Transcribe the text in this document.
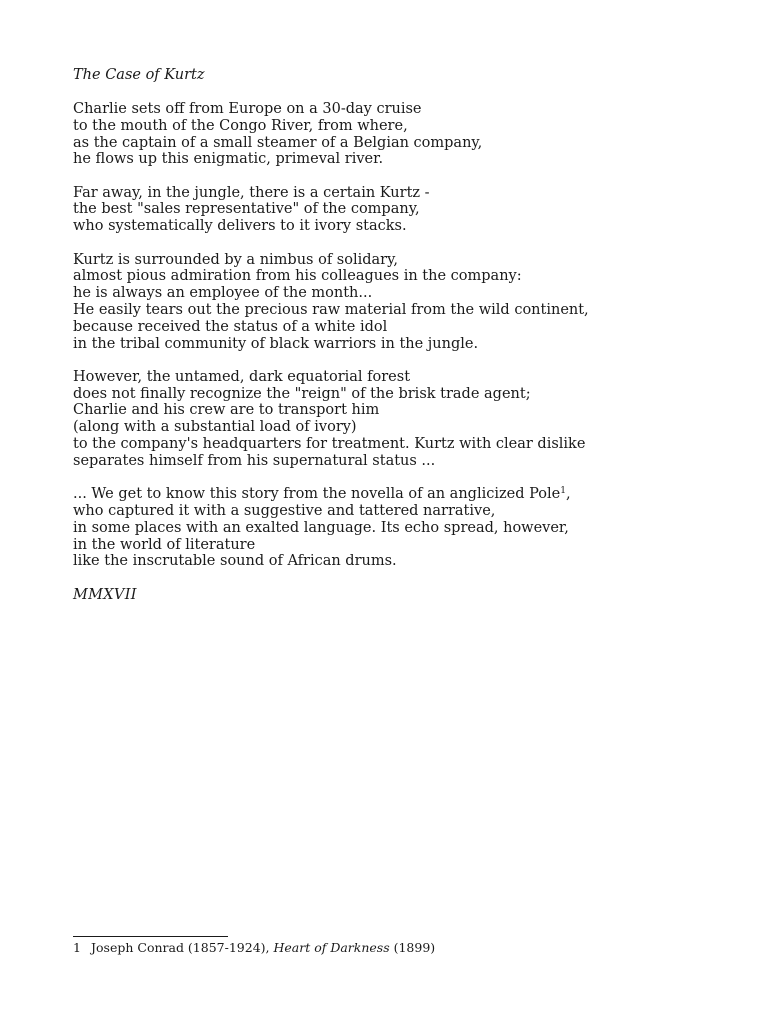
The Case of Kurtz
Charlie sets off from Europe on a 30-day cruise
to the mouth of the Congo River, from where,
as the captain of a small steamer of a Belgian company,
he flows up this enigmatic, primeval river.
Far away, in the jungle, there is a certain Kurtz -
the best "sales representative" of the company,
who systematically delivers to it ivory stacks.
Kurtz is surrounded by a nimbus of solidary,
almost pious admiration from his colleagues in the company:
he is always an employee of the month...
He easily tears out the precious raw material from the wild continent,
because received the status of a white idol
in the tribal community of black warriors in the jungle.
However, the untamed, dark equatorial forest
does not finally recognize the "reign" of the brisk trade agent;
Charlie and his crew are to transport him
(along with a substantial load of ivory)
to the company's headquarters for treatment. Kurtz with clear dislike
separates himself from his supernatural status ...
... We get to know this story from the novella of an anglicized Pole$^1$,
who captured it with a suggestive and tattered narrative,
in some places with an exalted language. Its echo spread, however,
in the world of literature
like the inscrutable sound of African drums.
MMXVII
1 Joseph Conrad (1857-1924), Heart of Darkness (1899)
